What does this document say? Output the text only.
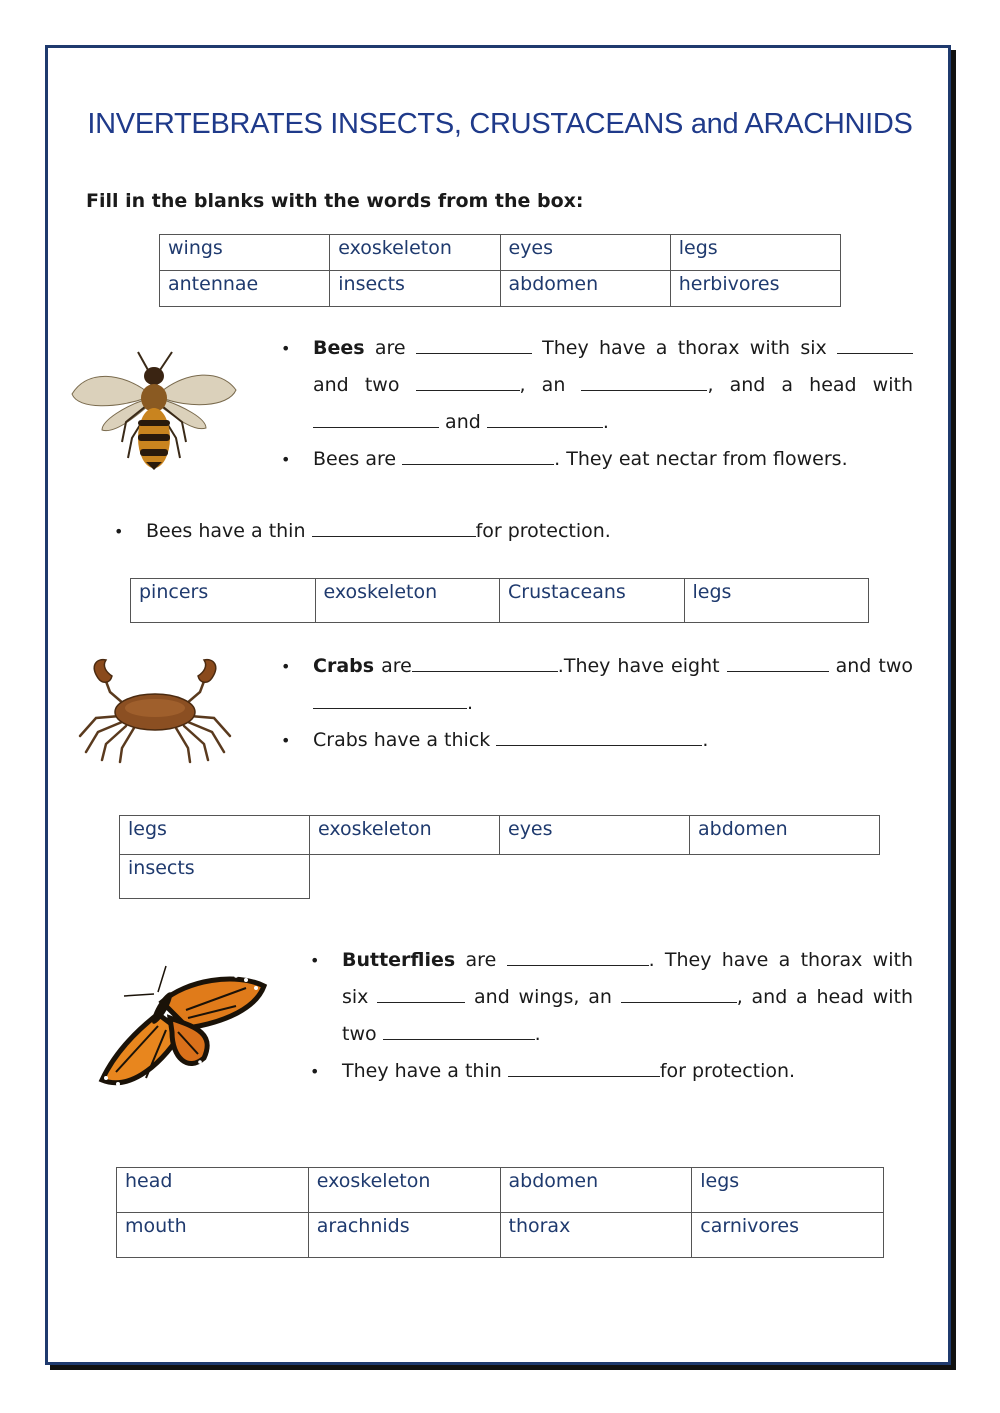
INVERTEBRATES INSECTS, CRUSTACEANS and ARACHNIDS
Fill in the blanks with the words from the box:
wings	exoskeleton	eyes	legs
antennae	insects	abdomen	herbivores
• Bees are	They have a thorax with six  and two	, an	, and a head with  and	.
• Bees are	. They eat nectar from flowers.
• Bees have a thin	for protection.
pincers	exoskeleton	Crustaceans	legs
• Crabs are	.They have eight	and two .
• Crabs have a thick	.
legs	exoskeleton	eyes	abdomen
insects			
• Butterflies are	. They have a thorax with six	and wings, an	, and a head with two	.
• They have a thin	for protection.
head	exoskeleton	abdomen	legs
mouth	arachnids	thorax	carnivores
